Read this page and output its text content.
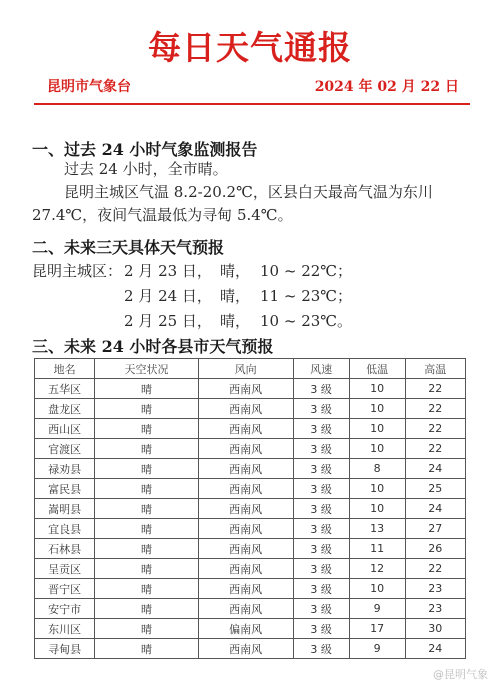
每日天气通报
昆明市气象台	2024 年 02 月 22 日
一、过去 24 小时气象监测报告
过去 24 小时，全市晴。
昆明主城区气温 8.2-20.2℃，区县白天最高气温为东川
27.4℃，夜间气温最低为寻甸 5.4℃。
二、未来三天具体天气预报
昆明主城区： 2 月 23 日， 晴， 10 ~ 22℃；
2 月 24 日， 晴， 11 ~ 23℃；
2 月 25 日， 晴， 10 ~ 23℃。
三、未来 24 小时各县市天气预报
地名	天空状况	风向	风速	低温	高温
五华区	晴	西南风	3 级	10	22
盘龙区	晴	西南风	3 级	10	22
西山区	晴	西南风	3 级	10	22
官渡区	晴	西南风	3 级	10	22
禄劝县	晴	西南风	3 级	8	24
富民县	晴	西南风	3 级	10	25
嵩明县	晴	西南风	3 级	10	24
宜良县	晴	西南风	3 级	13	27
石林县	晴	西南风	3 级	11	26
呈贡区	晴	西南风	3 级	12	22
晋宁区	晴	西南风	3 级	10	23
安宁市	晴	西南风	3 级	9	23
东川区	晴	偏南风	3 级	17	30
寻甸县	晴	西南风	3 级	9	24
@昆明气象
